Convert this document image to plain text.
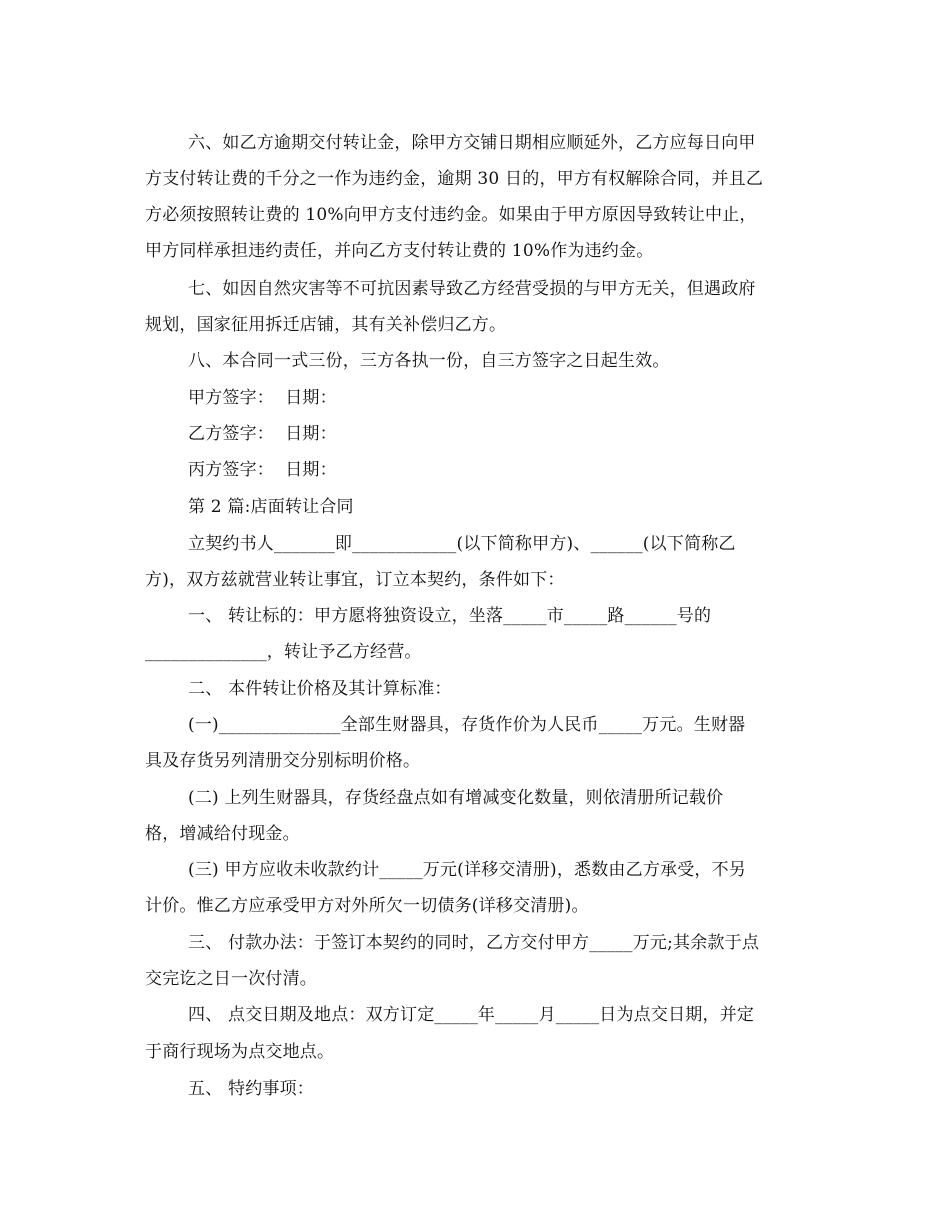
六、如乙方逾期交付转让金，除甲方交铺日期相应顺延外，乙方应每日向甲
方支付转让费的千分之一作为违约金，逾期 30 日的，甲方有权解除合同，并且乙
方必须按照转让费的 10%向甲方支付违约金。如果由于甲方原因导致转让中止，
甲方同样承担违约责任，并向乙方支付转让费的 10%作为违约金。
七、如因自然灾害等不可抗因素导致乙方经营受损的与甲方无关，但遇政府
规划，国家征用拆迁店铺，其有关补偿归乙方。
八、本合同一式三份，三方各执一份，自三方签字之日起生效。
甲方签字：  日期：
乙方签字：  日期：
丙方签字：  日期：
第 2 篇:店面转让合同
立契约书人_______即____________(以下简称甲方)、______(以下简称乙
方)，双方兹就营业转让事宜，订立本契约，条件如下：
一、 转让标的：甲方愿将独资设立，坐落_____市_____路______号的
______________，转让予乙方经营。
二、 本件转让价格及其计算标准：
(一)______________全部生财器具，存货作价为人民币_____万元。生财器
具及存货另列清册交分别标明价格。
(二) 上列生财器具，存货经盘点如有增减变化数量，则依清册所记载价
格，增减给付现金。
(三) 甲方应收未收款约计_____万元(详移交清册)，悉数由乙方承受，不另
计价。惟乙方应承受甲方对外所欠一切债务(详移交清册)。
三、 付款办法：于签订本契约的同时，乙方交付甲方_____万元;其余款于点
交完讫之日一次付清。
四、 点交日期及地点：双方订定_____年_____月_____日为点交日期，并定
于商行现场为点交地点。
五、 特约事项：
